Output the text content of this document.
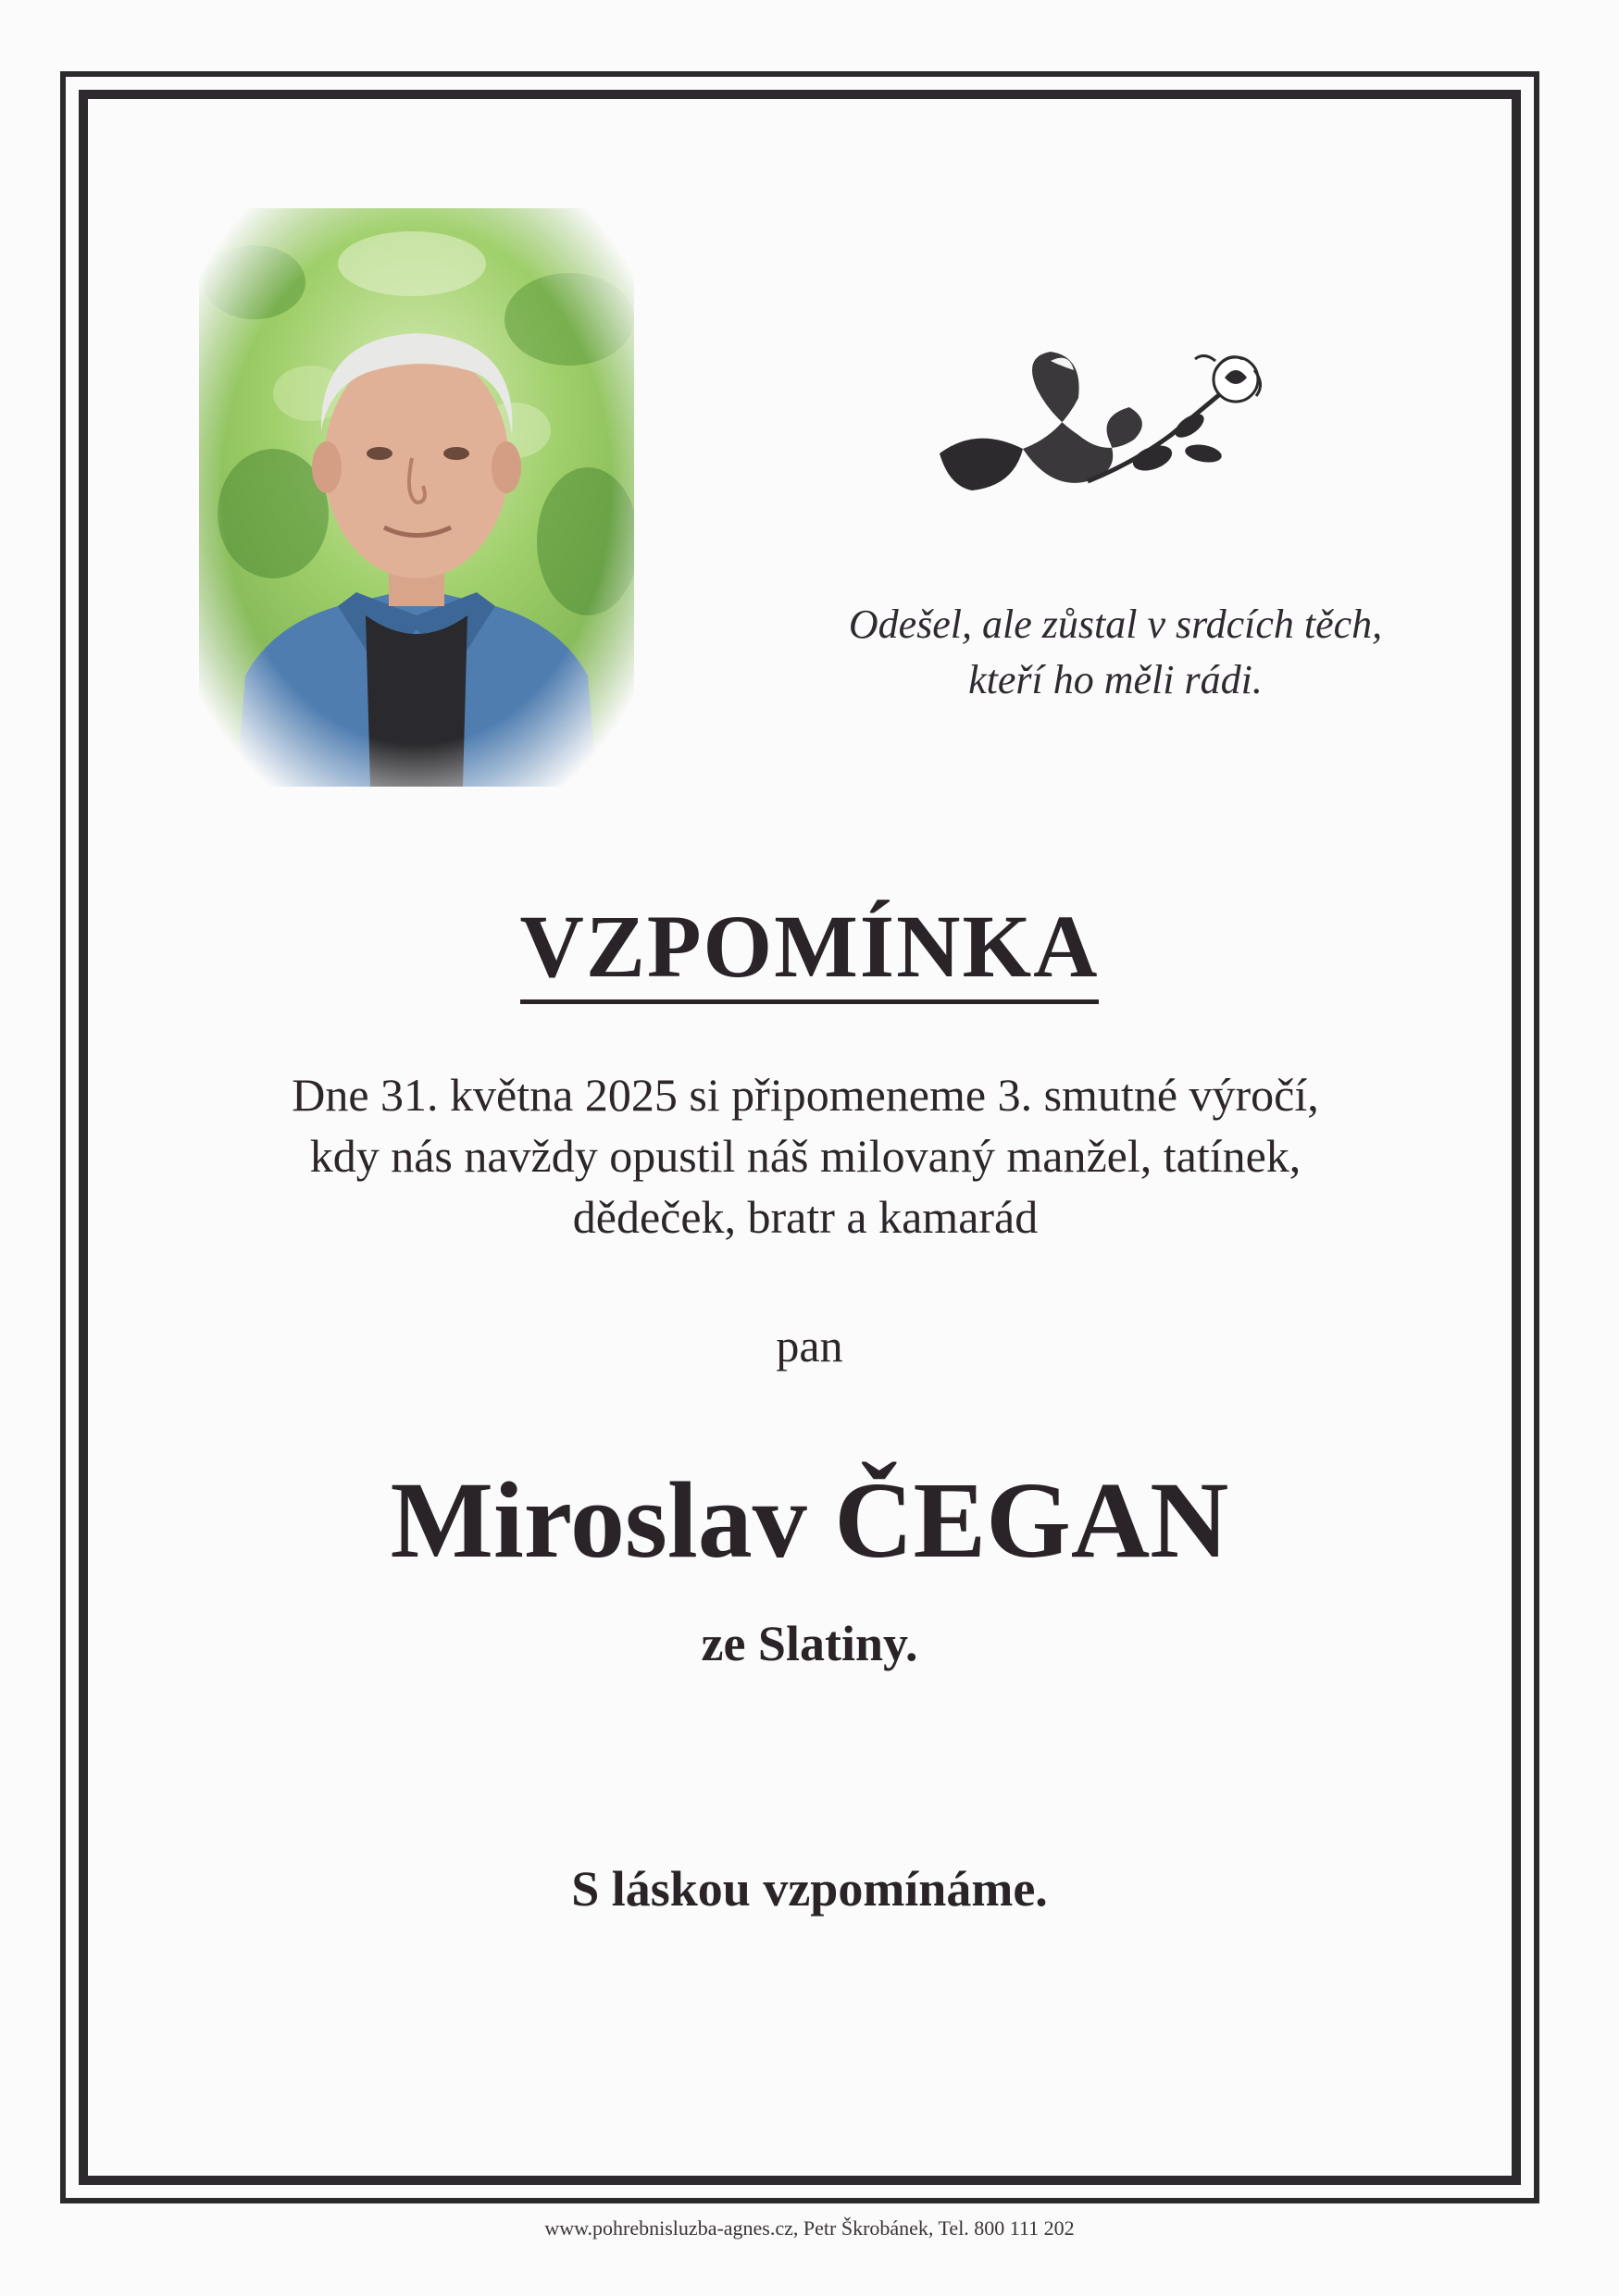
Odešel, ale zůstal v srdcích těch,
kteří ho měli rádi.
VZPOMÍNKA
Dne 31. května 2025 si připomeneme 3. smutné výročí,
kdy nás navždy opustil náš milovaný manžel, tatínek,
dědeček, bratr a kamarád
pan
Miroslav ČEGAN
ze Slatiny.
S láskou vzpomínáme.
www.pohrebnisluzba-agnes.cz, Petr Škrobánek, Tel. 800 111 202
